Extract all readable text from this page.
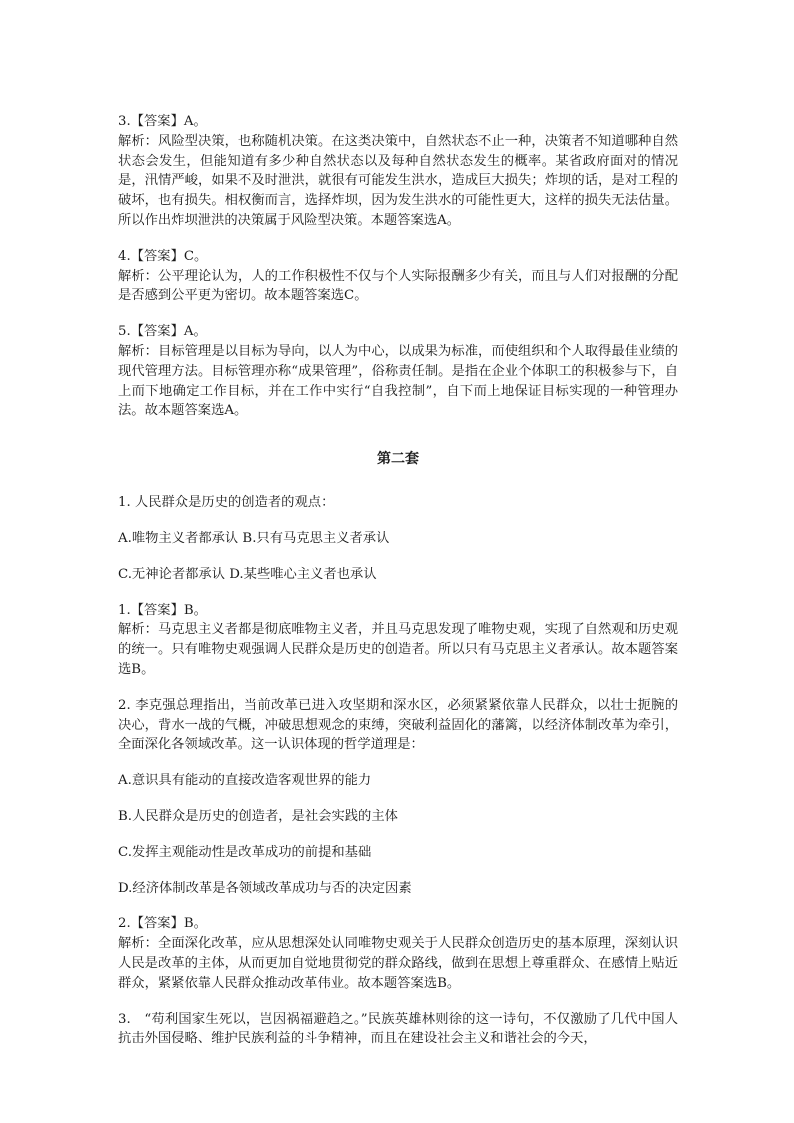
3.【答案】A。
解析：风险型决策，也称随机决策。在这类决策中，自然状态不止一种，决策者不知道哪种自然状态会发生，但能知道有多少种自然状态以及每种自然状态发生的概率。某省政府面对的情况是，汛情严峻，如果不及时泄洪，就很有可能发生洪水，造成巨大损失；炸坝的话，是对工程的破坏，也有损失。相权衡而言，选择炸坝，因为发生洪水的可能性更大，这样的损失无法估量。所以作出炸坝泄洪的决策属于风险型决策。本题答案选A。
4.【答案】C。
解析：公平理论认为，人的工作积极性不仅与个人实际报酬多少有关，而且与人们对报酬的分配是否感到公平更为密切。故本题答案选C。
5.【答案】A。
解析：目标管理是以目标为导向，以人为中心，以成果为标准，而使组织和个人取得最佳业绩的现代管理方法。目标管理亦称“成果管理”，俗称责任制。是指在企业个体职工的积极参与下，自上而下地确定工作目标，并在工作中实行“自我控制”，自下而上地保证目标实现的一种管理办法。故本题答案选A。
第二套
1. 人民群众是历史的创造者的观点：
A.唯物主义者都承认 B.只有马克思主义者承认
C.无神论者都承认 D.某些唯心主义者也承认
1.【答案】B。
解析：马克思主义者都是彻底唯物主义者，并且马克思发现了唯物史观，实现了自然观和历史观的统一。只有唯物史观强调人民群众是历史的创造者。所以只有马克思主义者承认。故本题答案选B。
2. 李克强总理指出，当前改革已进入攻坚期和深水区，必须紧紧依靠人民群众，以壮士扼腕的决心，背水一战的气概，冲破思想观念的束缚，突破利益固化的藩篱，以经济体制改革为牵引，全面深化各领域改革。这一认识体现的哲学道理是：
A.意识具有能动的直接改造客观世界的能力
B.人民群众是历史的创造者，是社会实践的主体
C.发挥主观能动性是改革成功的前提和基础
D.经济体制改革是各领域改革成功与否的决定因素
2.【答案】B。
解析：全面深化改革，应从思想深处认同唯物史观关于人民群众创造历史的基本原理，深刻认识人民是改革的主体，从而更加自觉地贯彻党的群众路线，做到在思想上尊重群众、在感情上贴近群众，紧紧依靠人民群众推动改革伟业。故本题答案选B。
3.　“苟利国家生死以，岂因祸福避趋之。”民族英雄林则徐的这一诗句，不仅激励了几代中国人抗击外国侵略、维护民族利益的斗争精神，而且在建设社会主义和谐社会的今天，
